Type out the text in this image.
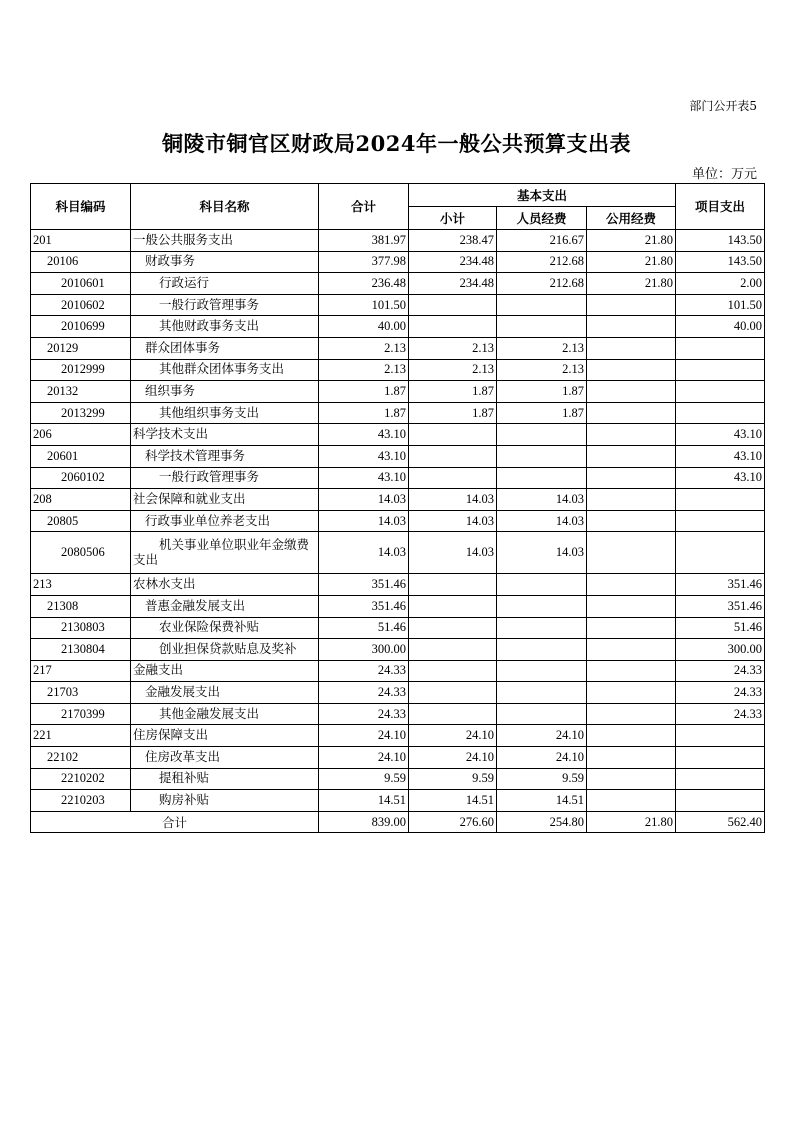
部门公开表5
铜陵市铜官区财政局2024年一般公共预算支出表
单位：万元
科目编码	科目名称	合计	基本支出			项目支出
			小计	人员经费	公用经费	
201	一般公共服务支出	381.97	238.47	216.67	21.80	143.50
20106	财政事务	377.98	234.48	212.68	21.80	143.50
2010601	行政运行	236.48	234.48	212.68	21.80	2.00
2010602	一般行政管理事务	101.50				101.50
2010699	其他财政事务支出	40.00				40.00
20129	群众团体事务	2.13	2.13	2.13		
2012999	其他群众团体事务支出	2.13	2.13	2.13		
20132	组织事务	1.87	1.87	1.87		
2013299	其他组织事务支出	1.87	1.87	1.87		
206	科学技术支出	43.10				43.10
20601	科学技术管理事务	43.10				43.10
2060102	一般行政管理事务	43.10				43.10
208	社会保障和就业支出	14.03	14.03	14.03		
20805	行政事业单位养老支出	14.03	14.03	14.03		
2080506	机关事业单位职业年金缴费支出	14.03	14.03	14.03		
213	农林水支出	351.46				351.46
21308	普惠金融发展支出	351.46				351.46
2130803	农业保险保费补贴	51.46				51.46
2130804	创业担保贷款贴息及奖补	300.00				300.00
217	金融支出	24.33				24.33
21703	金融发展支出	24.33				24.33
2170399	其他金融发展支出	24.33				24.33
221	住房保障支出	24.10	24.10	24.10		
22102	住房改革支出	24.10	24.10	24.10		
2210202	提租补贴	9.59	9.59	9.59		
2210203	购房补贴	14.51	14.51	14.51		
合计		839.00	276.60	254.80	21.80	562.40
